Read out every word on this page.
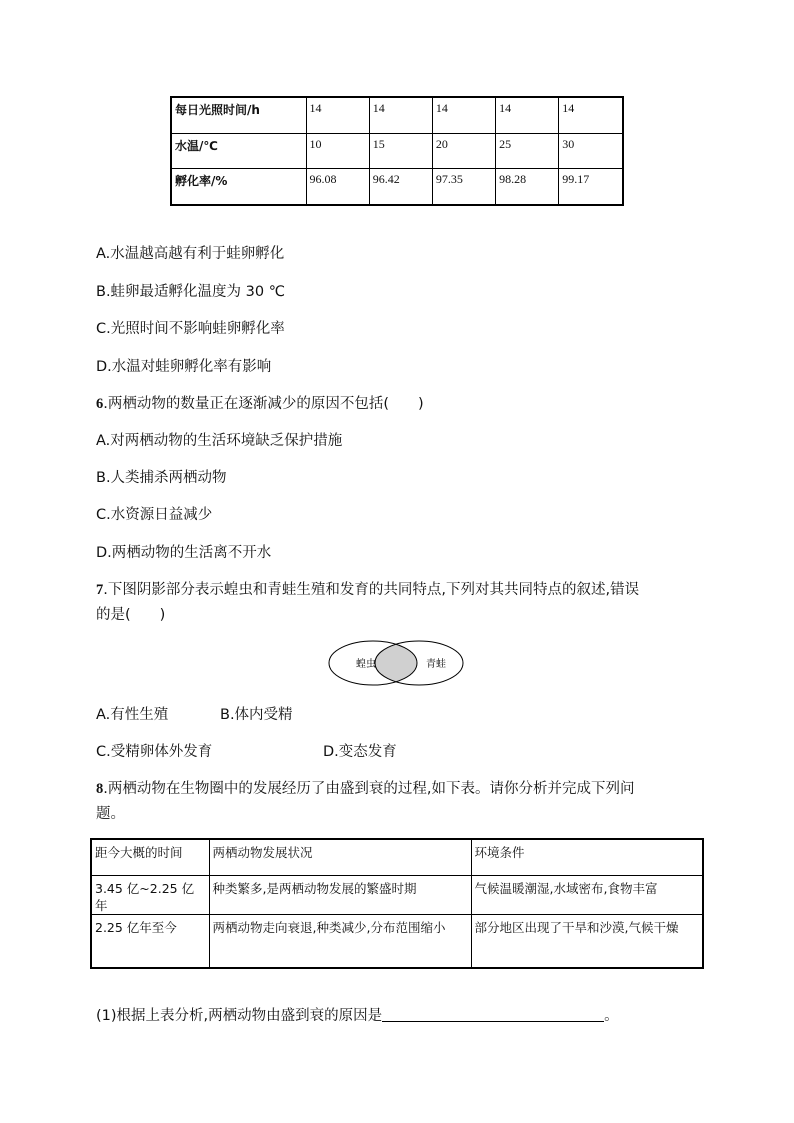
每日光照时间/h	14	14	14	14	14
水温/℃	10	15	20	25	30
孵化率/%	96.08	96.42	97.35	98.28	99.17
A.水温越高越有利于蛙卵孵化
B.蛙卵最适孵化温度为 30 ℃
C.光照时间不影响蛙卵孵化率
D.水温对蛙卵孵化率有影响
6.两栖动物的数量正在逐渐减少的原因不包括(　　)
A.对两栖动物的生活环境缺乏保护措施
B.人类捕杀两栖动物
C.水资源日益减少
D.两栖动物的生活离不开水
7.下图阴影部分表示蝗虫和青蛙生殖和发育的共同特点,下列对其共同特点的叙述,错误
的是(　　)
蝗虫	青蛙
A.有性生殖	B.体内受精
C.受精卵体外发育	D.变态发育
8.两栖动物在生物圈中的发展经历了由盛到衰的过程,如下表。请你分析并完成下列问
题。
距今大概的时间	两栖动物发展状况	环境条件
3.45 亿~2.25 亿年	种类繁多,是两栖动物发展的繁盛时期	气候温暖潮湿,水域密布,食物丰富
2.25 亿年至今	两栖动物走向衰退,种类减少,分布范围缩小	部分地区出现了干旱和沙漠,气候干燥
(1)根据上表分析,两栖动物由盛到衰的原因是	。
